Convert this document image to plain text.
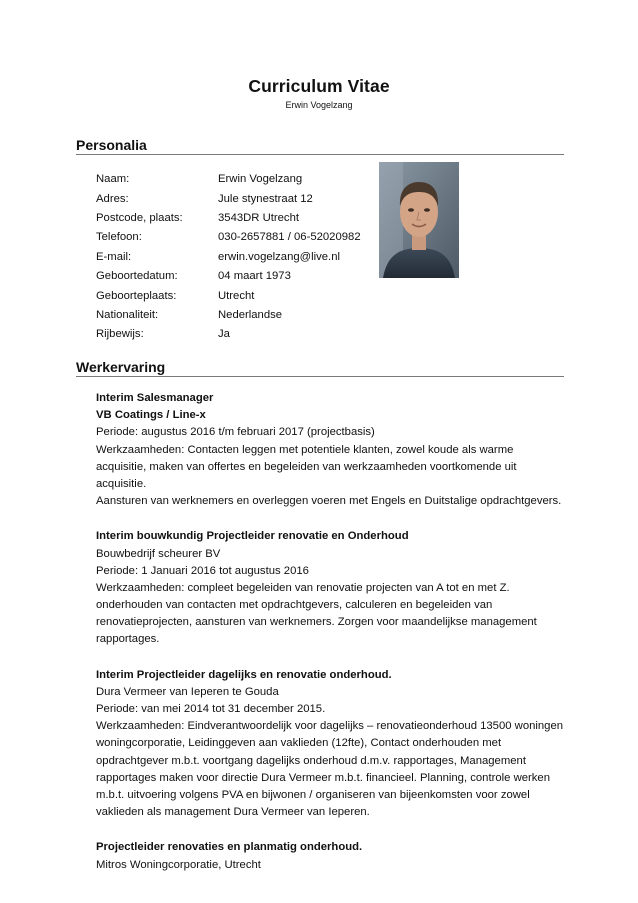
Curriculum Vitae
Erwin Vogelzang
Personalia
Naam:	Erwin Vogelzang
Adres:	Jule stynestraat 12
Postcode, plaats:	3543DR Utrecht
Telefoon:	030-2657881 / 06-52020982
E-mail:	erwin.vogelzang@live.nl
Geboortedatum:	04 maart 1973
Geboorteplaats:	Utrecht
Nationaliteit:	Nederlandse
Rijbewijs:	Ja
Werkervaring
Interim Salesmanager
VB Coatings / Line-x
Periode: augustus 2016 t/m februari 2017 (projectbasis)
Werkzaamheden: Contacten leggen met potentiele klanten, zowel koude als warme
acquisitie, maken van offertes en begeleiden van werkzaamheden voortkomende uit
acquisitie.
Aansturen van werknemers en overleggen voeren met Engels en Duitstalige opdrachtgevers.
Interim bouwkundig Projectleider renovatie en Onderhoud
Bouwbedrijf scheurer BV
Periode: 1 Januari 2016 tot augustus 2016
Werkzaamheden: compleet begeleiden van renovatie projecten van A tot en met Z.
onderhouden van contacten met opdrachtgevers, calculeren en begeleiden van
renovatieprojecten, aansturen van werknemers. Zorgen voor maandelijkse management
rapportages.
Interim Projectleider dagelijks en renovatie onderhoud.
Dura Vermeer van Ieperen te Gouda
Periode: van mei 2014 tot 31 december 2015.
Werkzaamheden: Eindverantwoordelijk voor dagelijks – renovatieonderhoud 13500 woningen
woningcorporatie, Leidinggeven aan vaklieden (12fte), Contact onderhouden met
opdrachtgever m.b.t. voortgang dagelijks onderhoud d.m.v. rapportages, Management
rapportages maken voor directie Dura Vermeer m.b.t. financieel. Planning, controle werken
m.b.t. uitvoering volgens PVA en bijwonen / organiseren van bijeenkomsten voor zowel
vaklieden als management Dura Vermeer van Ieperen.
Projectleider renovaties en planmatig onderhoud.
Mitros Woningcorporatie, Utrecht
